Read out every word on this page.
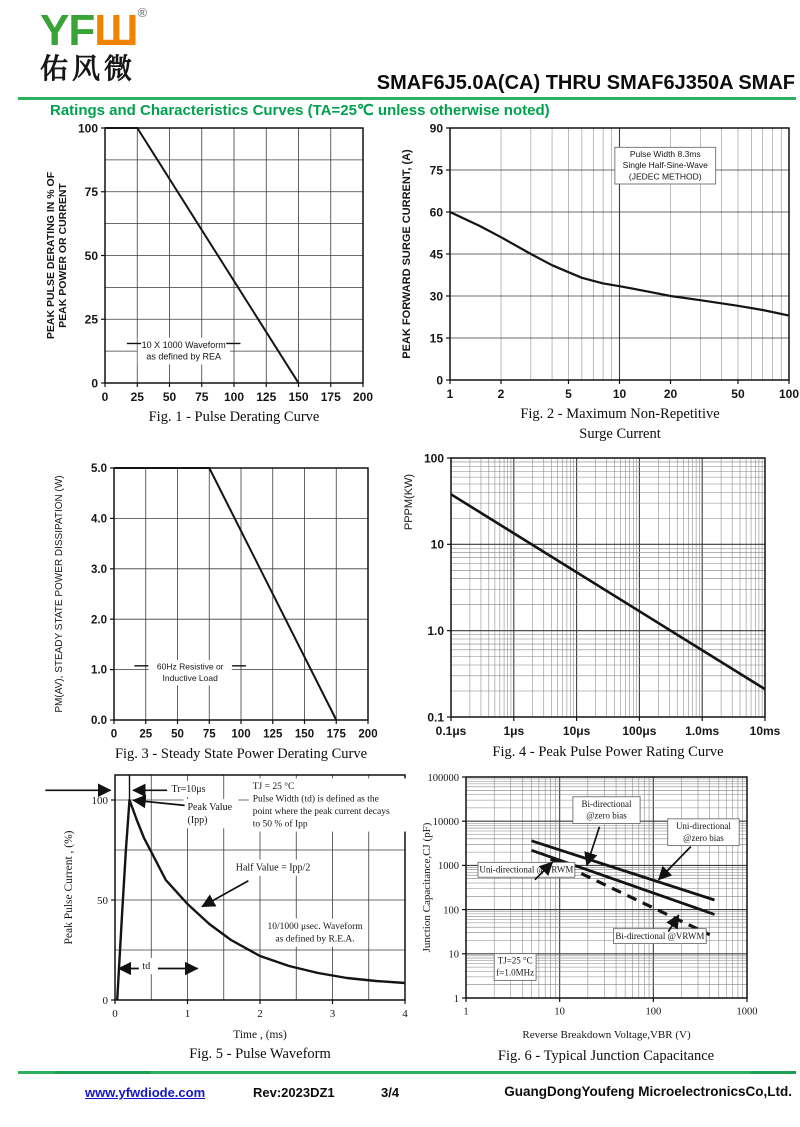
YFШ®
佑风微	SMAF6J5.0A(CA) THRU SMAF6J350A SMAF
Ratings and Characteristics Curves (TA=25℃ unless otherwise noted)
0 25 50 75 100 125 150 175 200
0
25
50
75
100
PEAK PULSE DERATING IN % OFPEAK POWER OR CURRENT
10 X 1000 Waveform as defined by REA
Fig. 1 - Pulse Derating Curve
1	2	5	10	20	50	100
0
15
30
45
60
75
90
PEAK FORWARD SURGE CURRENT, (A)	Pulse Width 8.3ms Single Half-Sine-Wave (JEDEC METHOD)
Fig. 2 - Maximum Non-Repetitive
Surge Current
0 25 50 75 100 125 150 175 200
0.0
1.0
2.0
3.0
4.0
5.0
PM(AV), STEADY STATE POWER DISSIPATION (W)	60Hz Resistive or Inductive Load
Fig. 3 - Steady State Power Derating Curve
0.1μs	1μs	10μs	100μs 1.0ms	10ms
0.1
1.0
10
100
PPPM(KW)
Fig. 4 - Peak Pulse Power Rating Curve
0	1	2	3	4
0
50
100
Peak Pulse Current , (%)
Time , (ms)
Tr=10μs
Peak Value (Ipp)
TJ = 25 °C Pulse Width (td) is defined as the point where the peak current decays to 50 % of Ipp
Half Value = Ipp/2
10/1000 μsec. Waveform as defined by R.E.A.
td
Fig. 5 - Pulse Waveform
1	10	100	1000
1
10
100
1000
10000
100000
Junction Capacitance,CJ (pF)
Reverse Breakdown Voltage,VBR (V)
Bi-directional @zero bias
Uni-directional @zero bias
Uni-directional @VRWM
Bi-directional @VRWM
TJ=25 °C f=1.0MHz
Fig. 6 - Typical Junction Capacitance
www.yfwdiode.com	Rev:2023DZ1	3/4	GuangDongYoufeng MicroelectronicsCo,Ltd.
